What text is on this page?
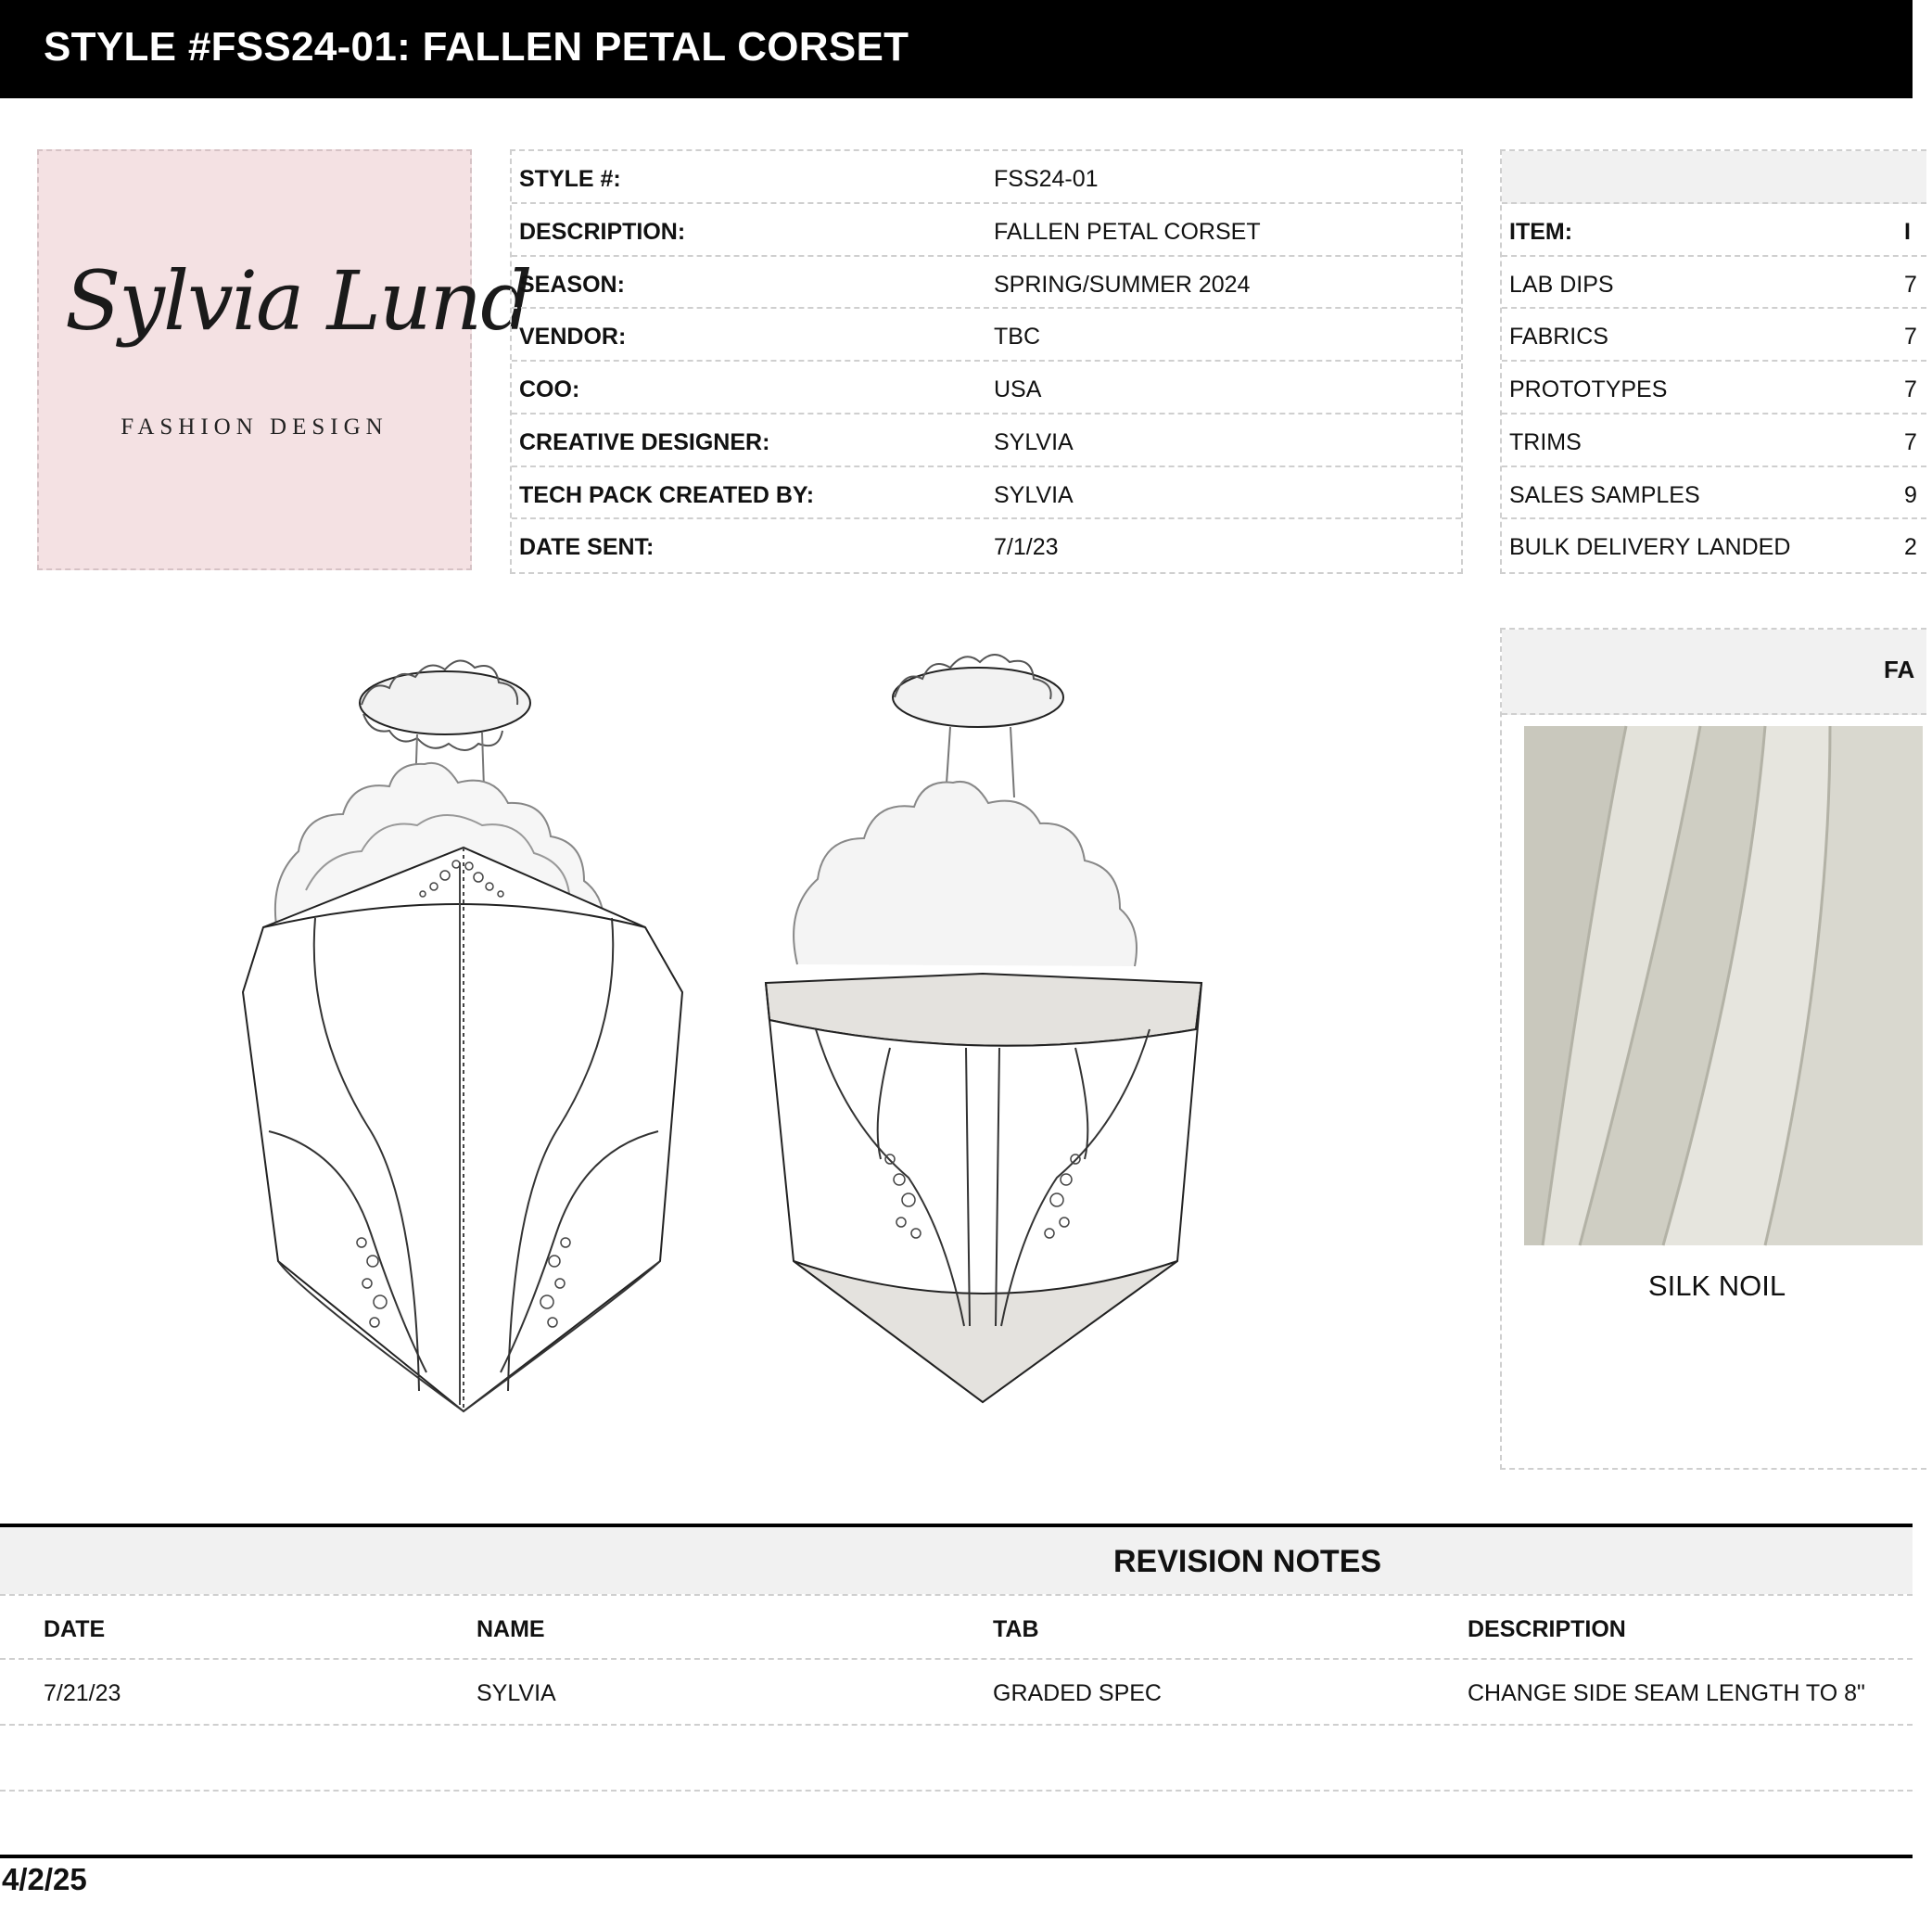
STYLE #FSS24-01: FALLEN PETAL CORSET
Sylvia Lund
FASHION DESIGN
STYLE #:	FSS24-01
DESCRIPTION:	FALLEN PETAL CORSET
SEASON:	SPRING/SUMMER 2024
VENDOR:	TBC
COO:	USA
CREATIVE DESIGNER:	SYLVIA
TECH PACK CREATED BY:	SYLVIA
DATE SENT:	7/1/23
ITEM:	I
LAB DIPS	7
FABRICS	7
PROTOTYPES	7
TRIMS	7
SALES SAMPLES	9
BULK DELIVERY LANDED	2
FA
SILK NOIL
REVISION NOTES
DATE	NAME	TAB	DESCRIPTION
7/21/23	SYLVIA	GRADED SPEC	CHANGE SIDE SEAM LENGTH TO 8"
4/2/25
